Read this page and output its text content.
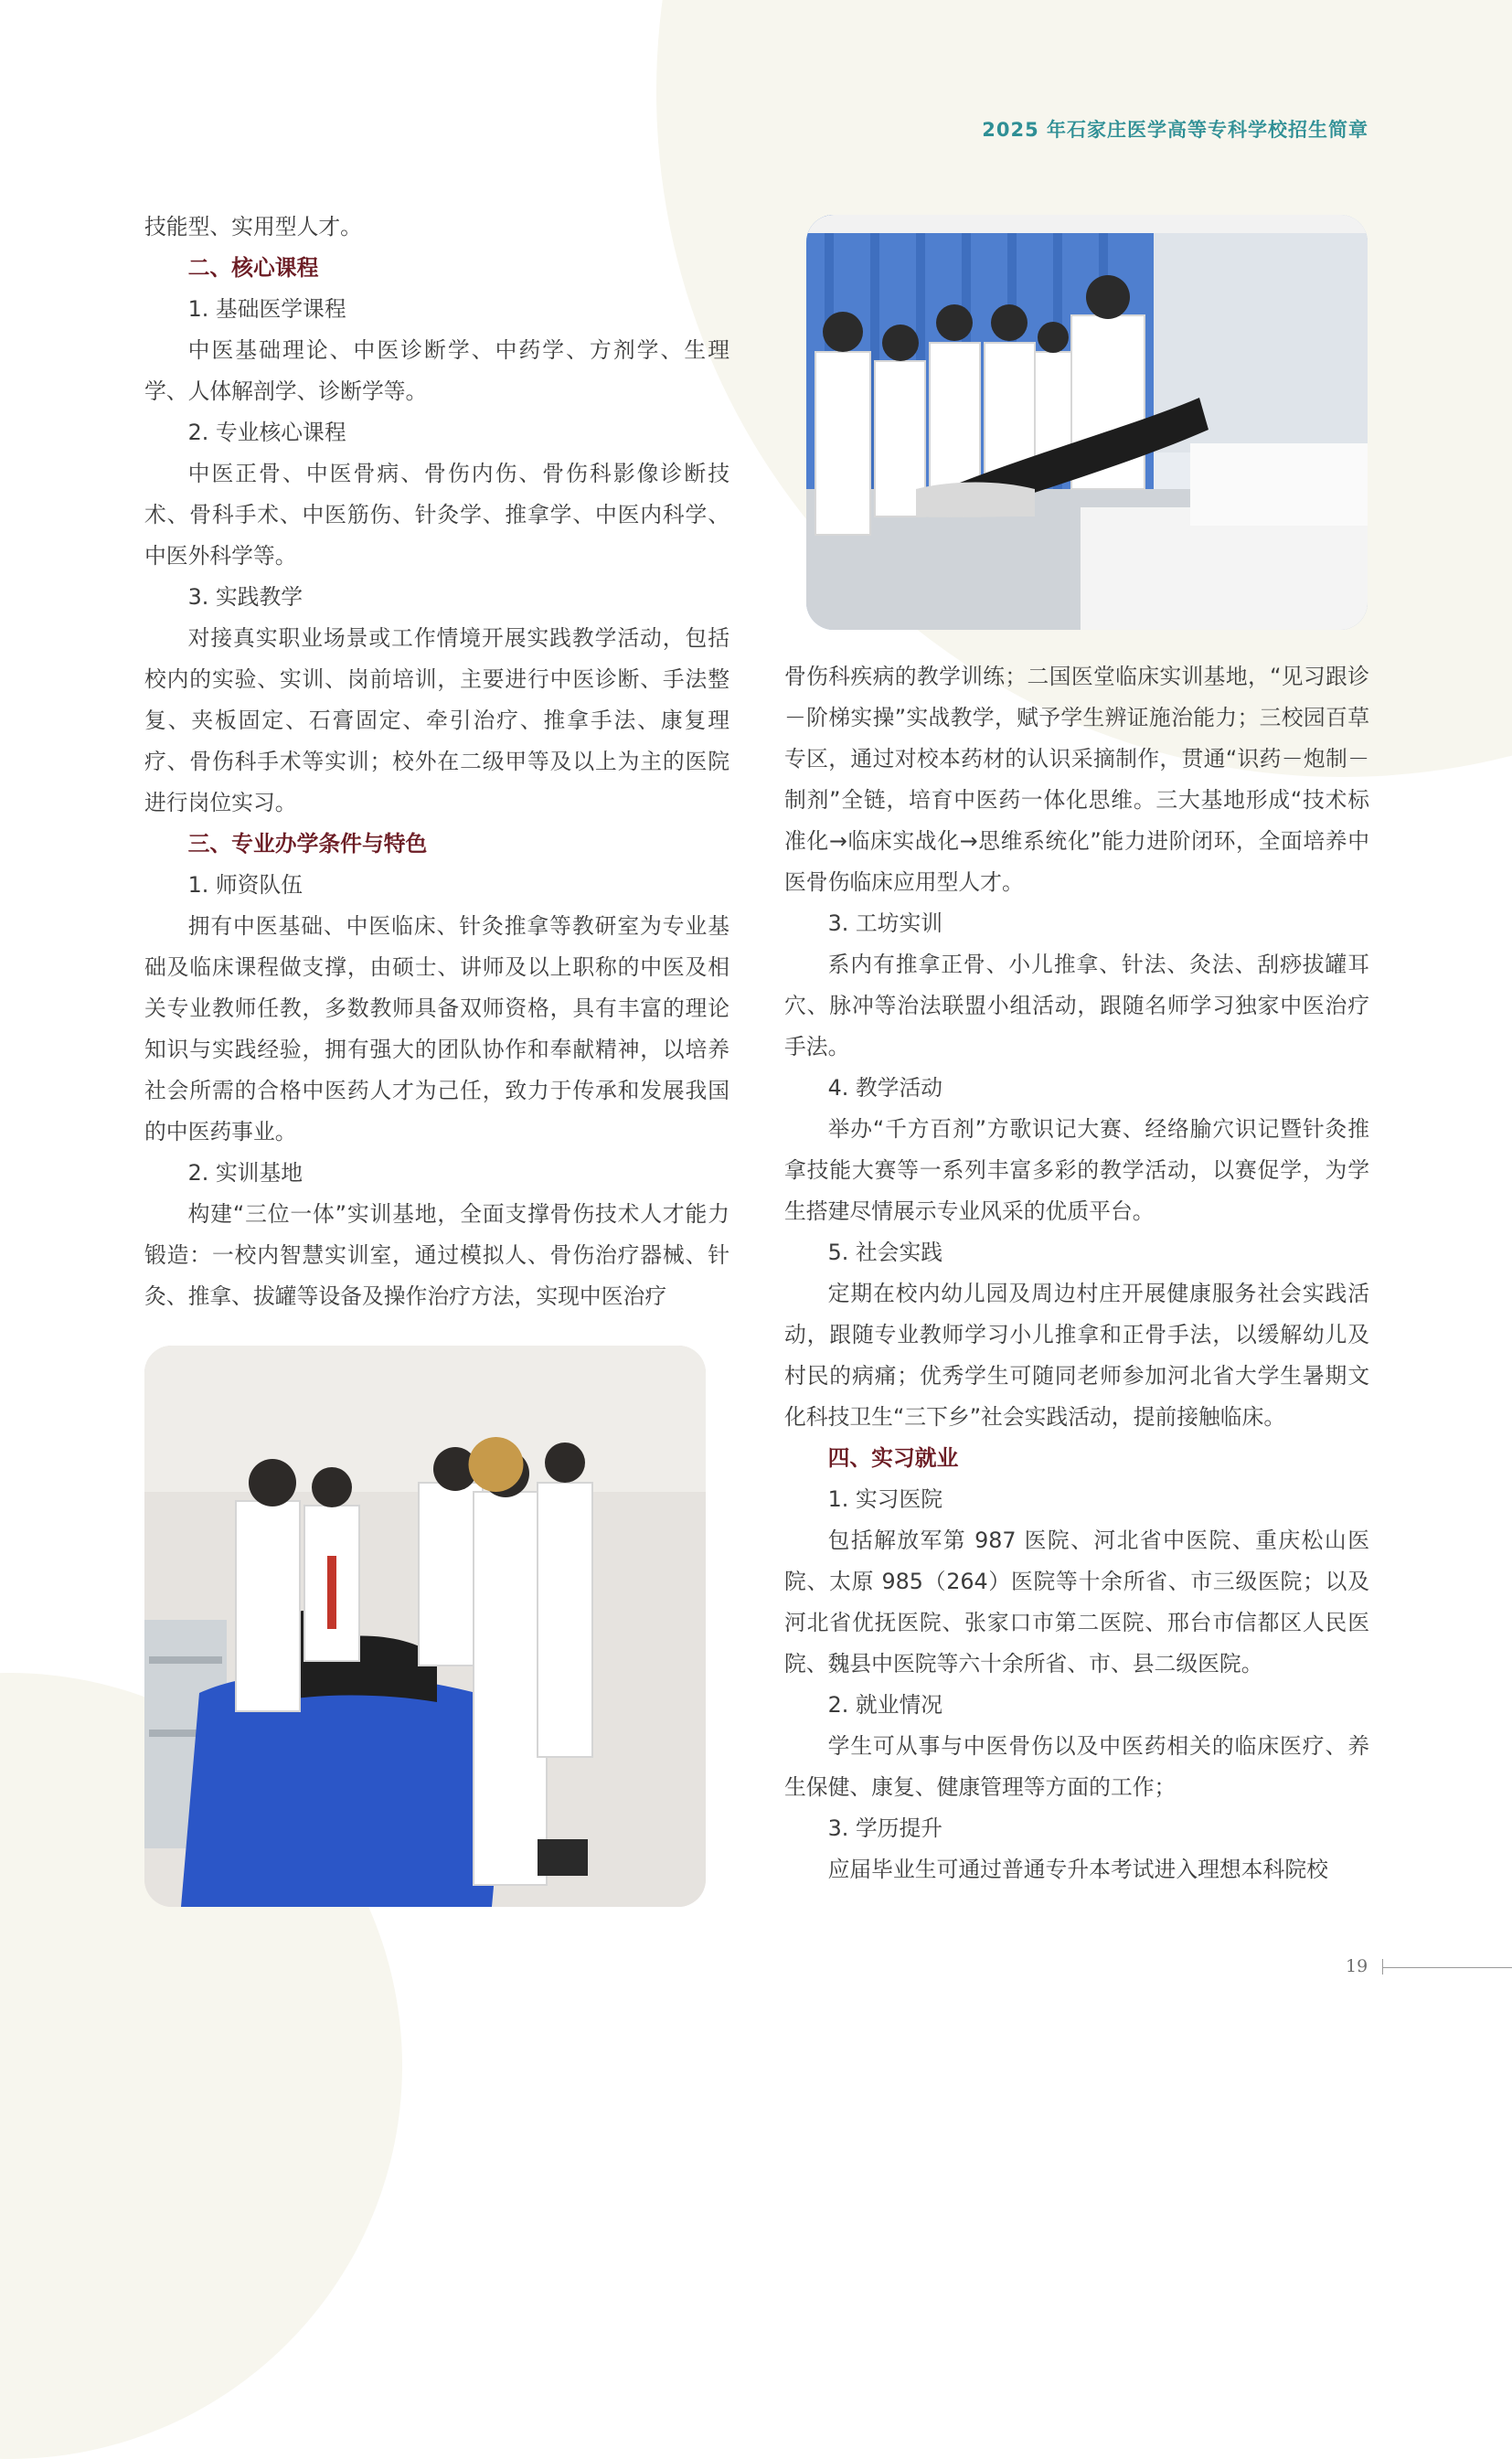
2025 年石家庄医学高等专科学校招生简章

技能型、实用型人才。

二、核心课程

1. 基础医学课程

中医基础理论、中医诊断学、中药学、方剂学、生理学、人体解剖学、诊断学等。

2. 专业核心课程

中医正骨、中医骨病、骨伤内伤、骨伤科影像诊断技术、骨科手术、中医筋伤、针灸学、推拿学、中医内科学、中医外科学等。

3. 实践教学

对接真实职业场景或工作情境开展实践教学活动，包括校内的实验、实训、岗前培训，主要进行中医诊断、手法整复、夹板固定、石膏固定、牵引治疗、推拿手法、康复理疗、骨伤科手术等实训；校外在二级甲等及以上为主的医院进行岗位实习。

三、专业办学条件与特色

1. 师资队伍

拥有中医基础、中医临床、针灸推拿等教研室为专业基础及临床课程做支撑，由硕士、讲师及以上职称的中医及相关专业教师任教，多数教师具备双师资格，具有丰富的理论知识与实践经验，拥有强大的团队协作和奉献精神，以培养社会所需的合格中医药人才为己任，致力于传承和发展我国的中医药事业。

2. 实训基地

构建“三位一体”实训基地，全面支撑骨伤技术人才能力锻造：一校内智慧实训室，通过模拟人、骨伤治疗器械、针灸、推拿、拔罐等设备及操作治疗方法，实现中医治疗

骨伤科疾病的教学训练；二国医堂临床实训基地，“见习跟诊－阶梯实操”实战教学，赋予学生辨证施治能力；三校园百草专区，通过对校本药材的认识采摘制作，贯通“识药－炮制－制剂”全链，培育中医药一体化思维。三大基地形成“技术标准化→临床实战化→思维系统化”能力进阶闭环，全面培养中医骨伤临床应用型人才。

3. 工坊实训

系内有推拿正骨、小儿推拿、针法、灸法、刮痧拔罐耳穴、脉冲等治法联盟小组活动，跟随名师学习独家中医治疗手法。

4. 教学活动

举办“千方百剂”方歌识记大赛、经络腧穴识记暨针灸推拿技能大赛等一系列丰富多彩的教学活动，以赛促学，为学生搭建尽情展示专业风采的优质平台。

5. 社会实践

定期在校内幼儿园及周边村庄开展健康服务社会实践活动，跟随专业教师学习小儿推拿和正骨手法，以缓解幼儿及村民的病痛；优秀学生可随同老师参加河北省大学生暑期文化科技卫生“三下乡”社会实践活动，提前接触临床。

四、实习就业

1. 实习医院

包括解放军第 987 医院、河北省中医院、重庆松山医院、太原 985（264）医院等十余所省、市三级医院；以及河北省优抚医院、张家口市第二医院、邢台市信都区人民医院、魏县中医院等六十余所省、市、县二级医院。

2. 就业情况

学生可从事与中医骨伤以及中医药相关的临床医疗、养生保健、康复、健康管理等方面的工作；

3. 学历提升

应届毕业生可通过普通专升本考试进入理想本科院校

19
